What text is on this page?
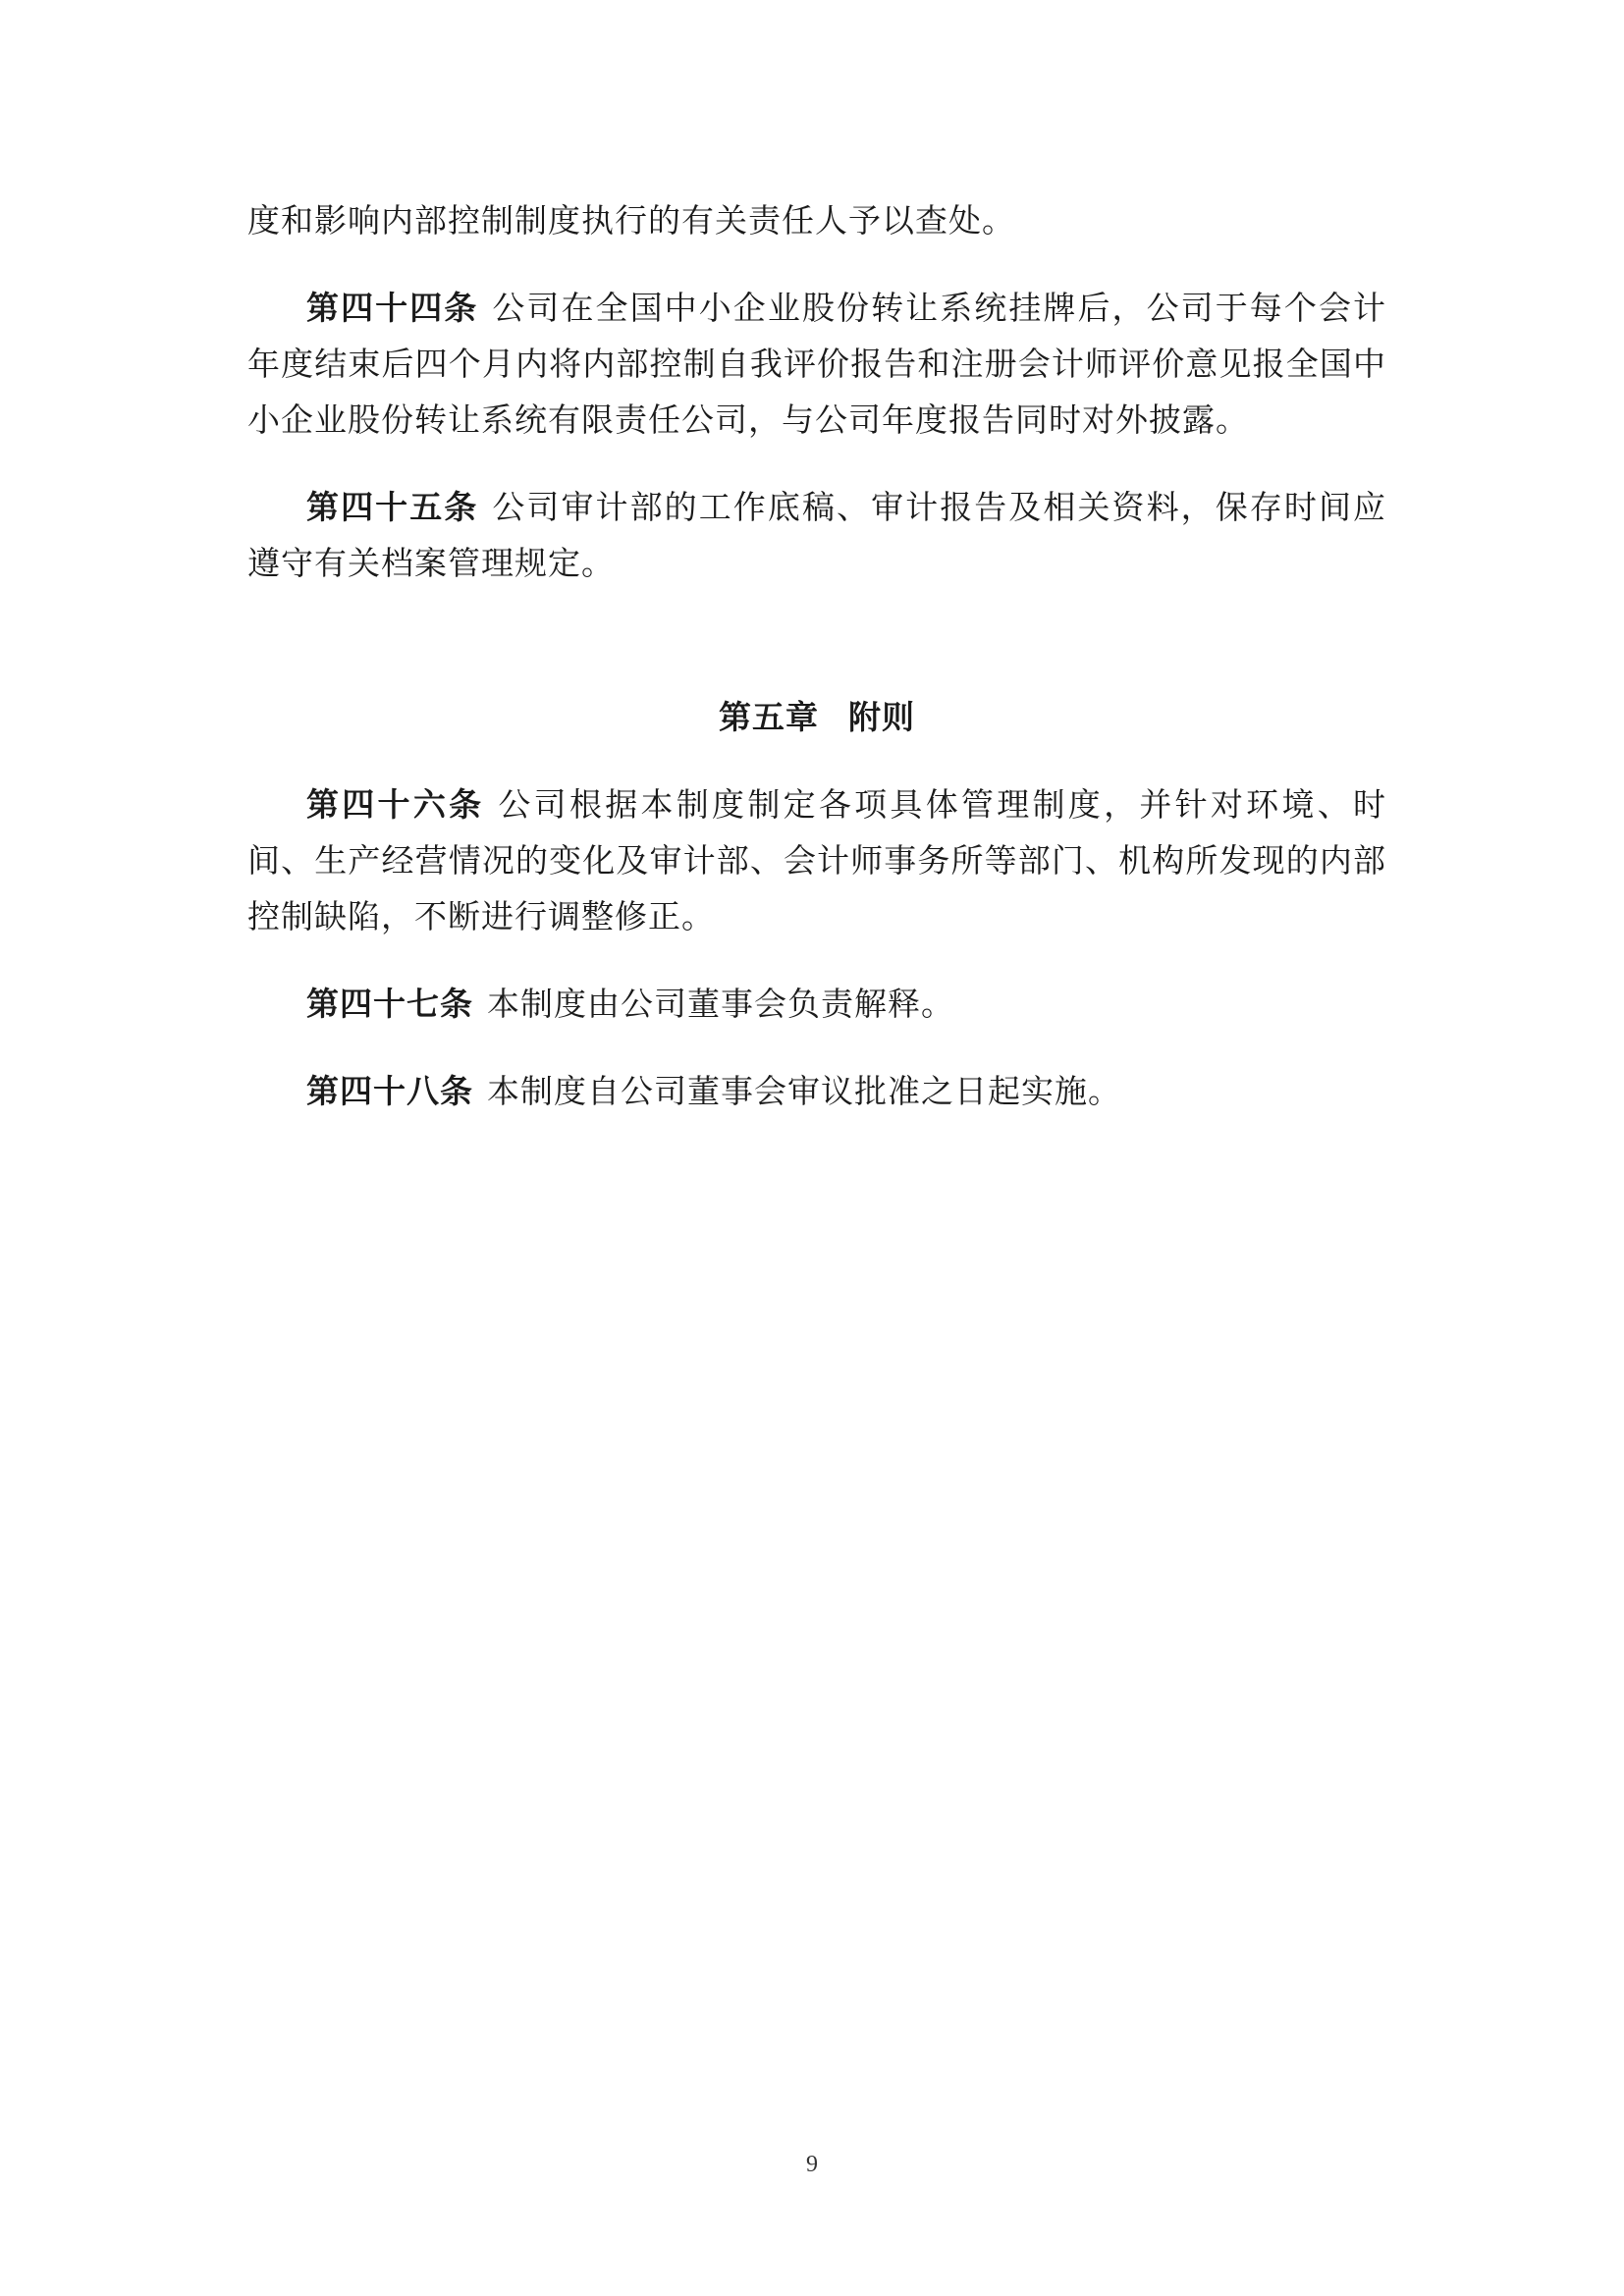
度和影响内部控制制度执行的有关责任人予以查处。

第四十四条 公司在全国中小企业股份转让系统挂牌后，公司于每个会计年度结束后四个月内将内部控制自我评价报告和注册会计师评价意见报全国中小企业股份转让系统有限责任公司，与公司年度报告同时对外披露。

第四十五条 公司审计部的工作底稿、审计报告及相关资料，保存时间应遵守有关档案管理规定。

第五章 附则

第四十六条 公司根据本制度制定各项具体管理制度，并针对环境、时间、生产经营情况的变化及审计部、会计师事务所等部门、机构所发现的内部控制缺陷，不断进行调整修正。

第四十七条 本制度由公司董事会负责解释。

第四十八条 本制度自公司董事会审议批准之日起实施。

9
